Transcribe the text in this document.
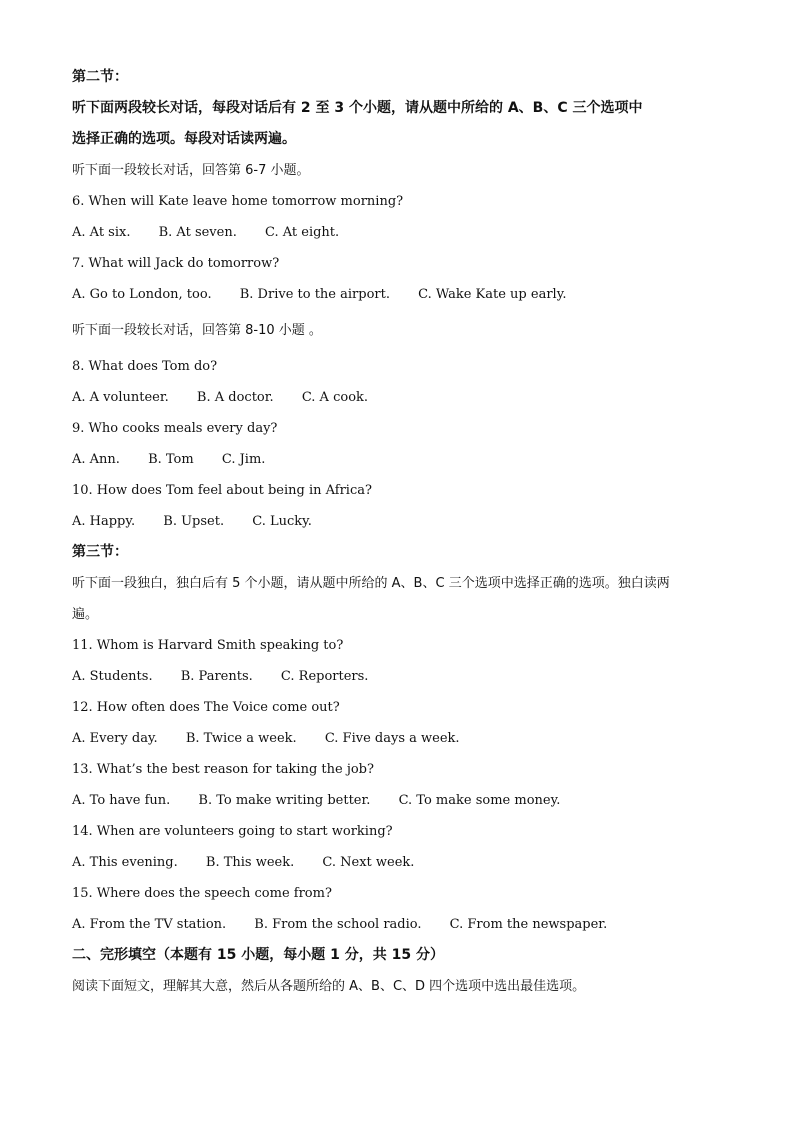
第二节：
听下面两段较长对话，每段对话后有 2 至 3 个小题，请从题中所给的 A、B、C 三个选项中
选择正确的选项。每段对话读两遍。
听下面一段较长对话，回答第 6-7 小题。
6. When will Kate leave home tomorrow morning?
A. At six. B. At seven. C. At eight.
7. What will Jack do tomorrow?
A. Go to London, too. B. Drive to the airport. C. Wake Kate up early.
听下面一段较长对话，回答第 8-10 小题 。
8. What does Tom do?
A. A volunteer. B. A doctor. C. A cook.
9. Who cooks meals every day?
A. Ann. B. Tom C. Jim.
10. How does Tom feel about being in Africa?
A. Happy. B. Upset. C. Lucky.
第三节：
听下面一段独白，独白后有 5 个小题，请从题中所给的 A、B、C 三个选项中选择正确的选项。独白读两
遍。
11. Whom is Harvard Smith speaking to?
A. Students. B. Parents. C. Reporters.
12. How often does The Voice come out?
A. Every day. B. Twice a week. C. Five days a week.
13. What’s the best reason for taking the job?
A. To have fun. B. To make writing better. C. To make some money.
14. When are volunteers going to start working?
A. This evening. B. This week. C. Next week.
15. Where does the speech come from?
A. From the TV station. B. From the school radio. C. From the newspaper.
二、完形填空（本题有 15 小题，每小题 1 分，共 15 分）
阅读下面短文，理解其大意，然后从各题所给的 A、B、C、D 四个选项中选出最佳选项。
